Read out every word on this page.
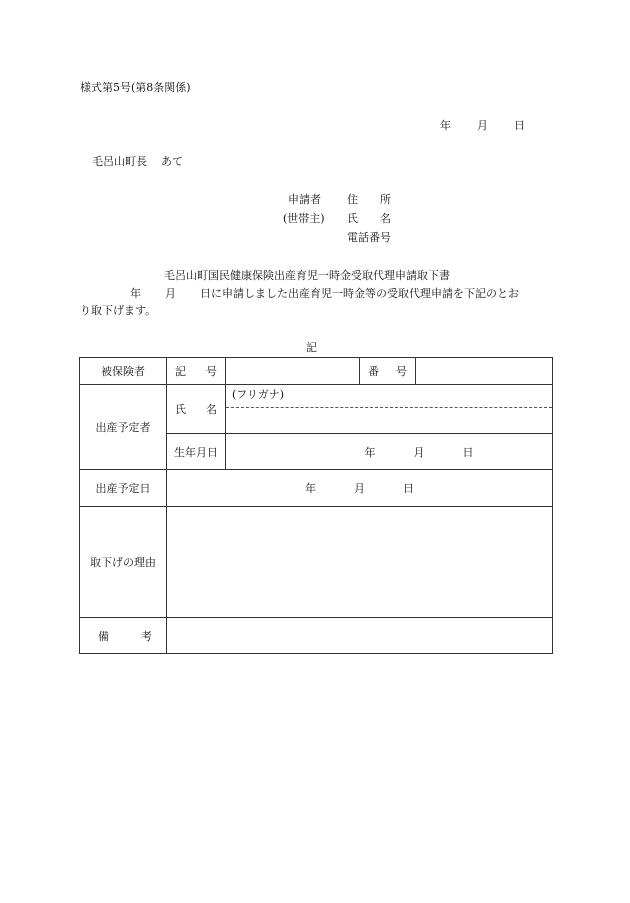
様式第5号(第8条関係)
年 月 日
毛呂山町長 あて
申請者 住 所
(世帯主) 氏 名
電話番号
毛呂山町国民健康保険出産育児一時金受取代理申請取下書
年 月 日に申請しました出産育児一時金等の受取代理申請を下記のとお
り取下げます。
記
被保険者	記 号		番 号	

出産予定者	氏 名	(フリガナ)		

	生年月日	年 月 日		

出産予定日	年 月 日			

取下げの理由				

備 考				
